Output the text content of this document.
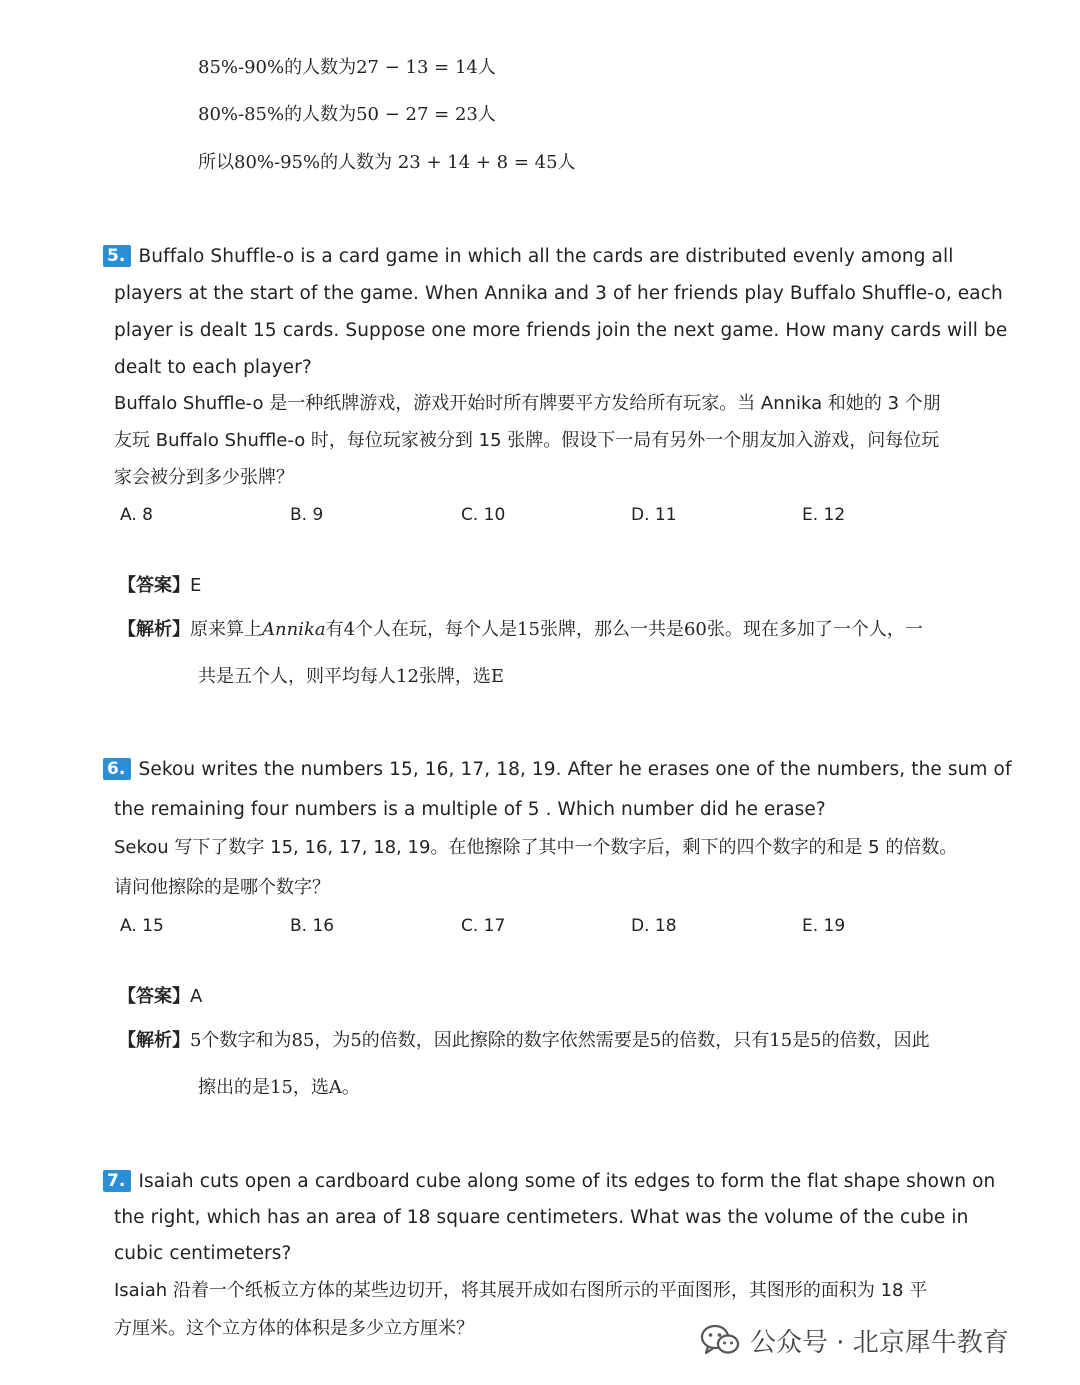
85%-90%的人数为27 − 13 = 14人
80%-85%的人数为50 − 27 = 23人
所以80%-95%的人数为 23 + 14 + 8 = 45人
5. Buffalo Shuffle-o is a card game in which all the cards are distributed evenly among all
players at the start of the game. When Annika and 3 of her friends play Buffalo Shuffle-o, each
player is dealt 15 cards. Suppose one more friends join the next game. How many cards will be
dealt to each player?
Buffalo Shuffle-o 是一种纸牌游戏，游戏开始时所有牌要平方发给所有玩家。当 Annika 和她的 3 个朋
友玩 Buffalo Shuffle-o 时，每位玩家被分到 15 张牌。假设下一局有另外一个朋友加入游戏，问每位玩
家会被分到多少张牌？
A. 8	B. 9	C. 10	D. 11	E. 12
【答案】E
【解析】原来算上Annika有4个人在玩，每个人是15张牌，那么一共是60张。现在多加了一个人，一
共是五个人，则平均每人12张牌，选E
6. Sekou writes the numbers 15, 16, 17, 18, 19. After he erases one of the numbers, the sum of
the remaining four numbers is a multiple of 5 . Which number did he erase?
Sekou 写下了数字 15, 16, 17, 18, 19。在他擦除了其中一个数字后，剩下的四个数字的和是 5 的倍数。
请问他擦除的是哪个数字？
A. 15	B. 16	C. 17	D. 18	E. 19
【答案】A
【解析】5个数字和为85，为5的倍数，因此擦除的数字依然需要是5的倍数，只有15是5的倍数，因此
擦出的是15，选A。
7. Isaiah cuts open a cardboard cube along some of its edges to form the flat shape shown on
the right, which has an area of 18 square centimeters. What was the volume of the cube in
cubic centimeters?
Isaiah 沿着一个纸板立方体的某些边切开，将其展开成如右图所示的平面图形，其图形的面积为 18 平
方厘米。这个立方体的体积是多少立方厘米？	公众号 · 北京犀牛教育
